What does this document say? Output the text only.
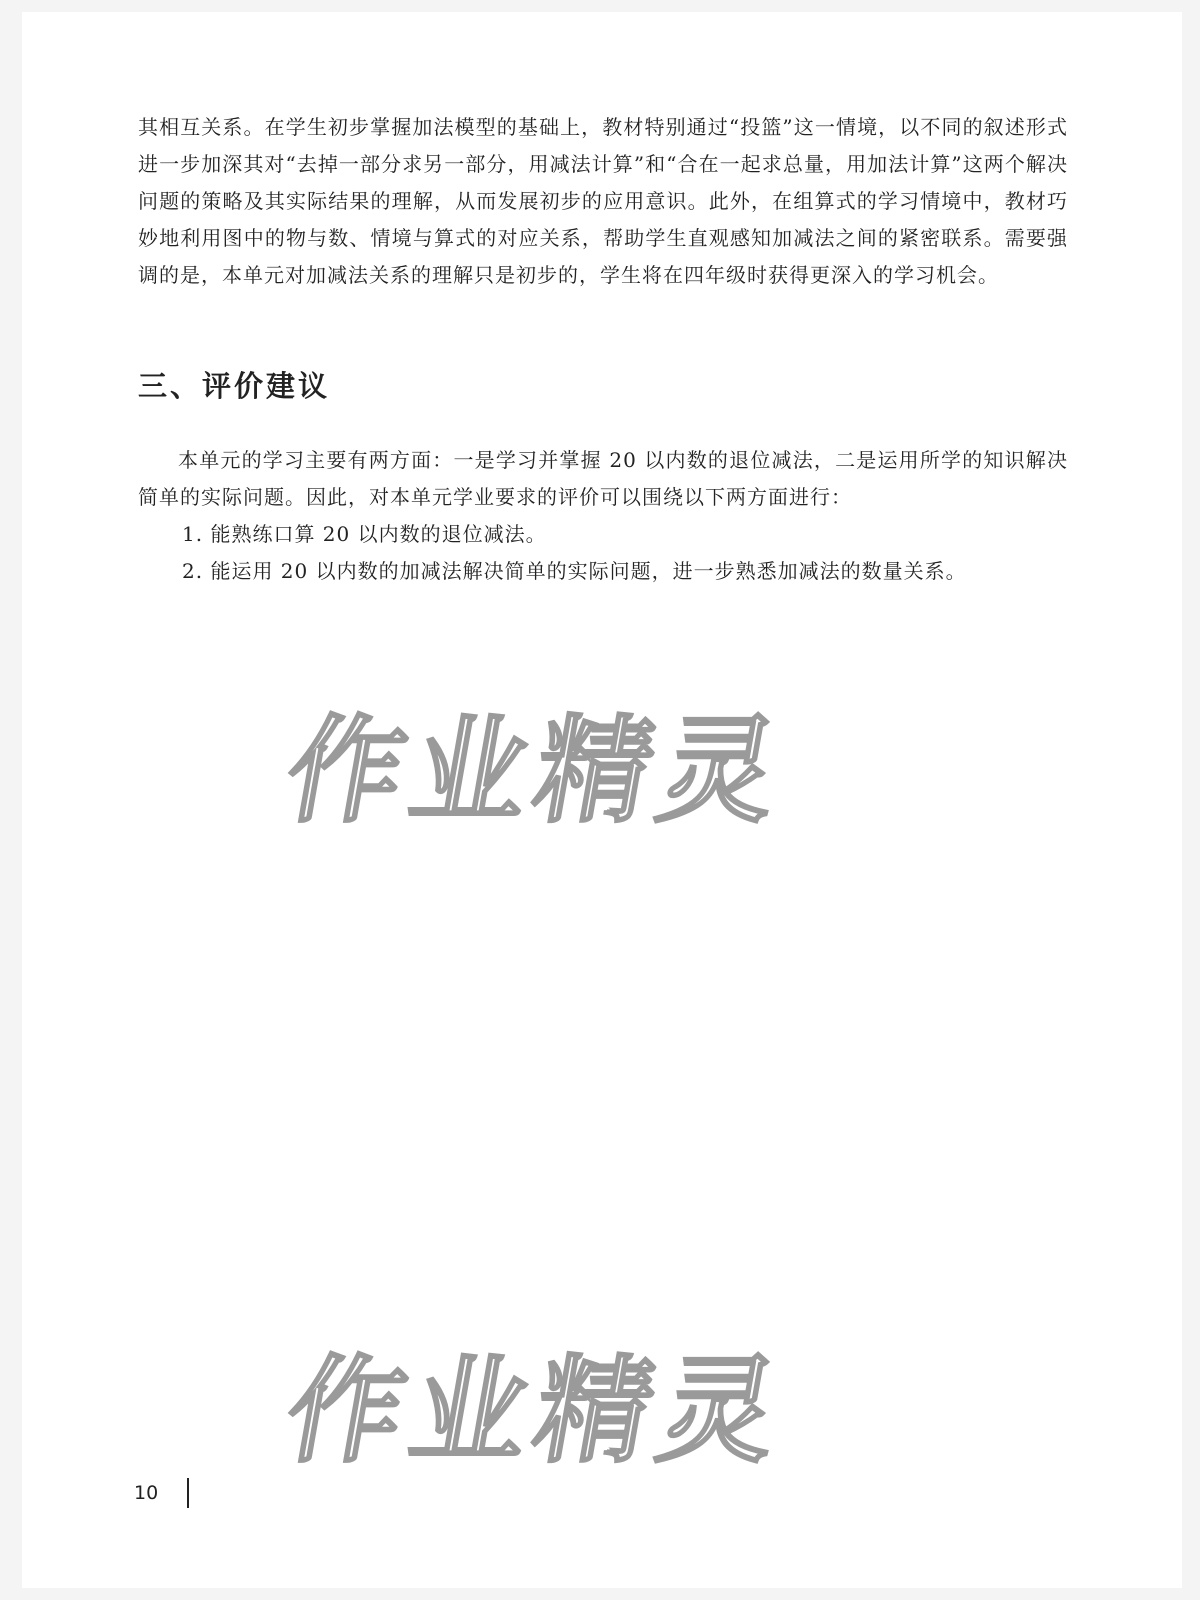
其相互关系。在学生初步掌握加法模型的基础上，教材特别通过“投篮”这一情境，以不同的叙述形式进一步加深其对“去掉一部分求另一部分，用减法计算”和“合在一起求总量，用加法计算”这两个解决问题的策略及其实际结果的理解，从而发展初步的应用意识。此外，在组算式的学习情境中，教材巧妙地利用图中的物与数、情境与算式的对应关系，帮助学生直观感知加减法之间的紧密联系。需要强调的是，本单元对加减法关系的理解只是初步的，学生将在四年级时获得更深入的学习机会。
三、评价建议
本单元的学习主要有两方面：一是学习并掌握 20 以内数的退位减法，二是运用所学的知识解决简单的实际问题。因此，对本单元学业要求的评价可以围绕以下两方面进行：
1. 能熟练口算 20 以内数的退位减法。
2. 能运用 20 以内数的加减法解决简单的实际问题，进一步熟悉加减法的数量关系。
作业精灵
作业精灵
10
